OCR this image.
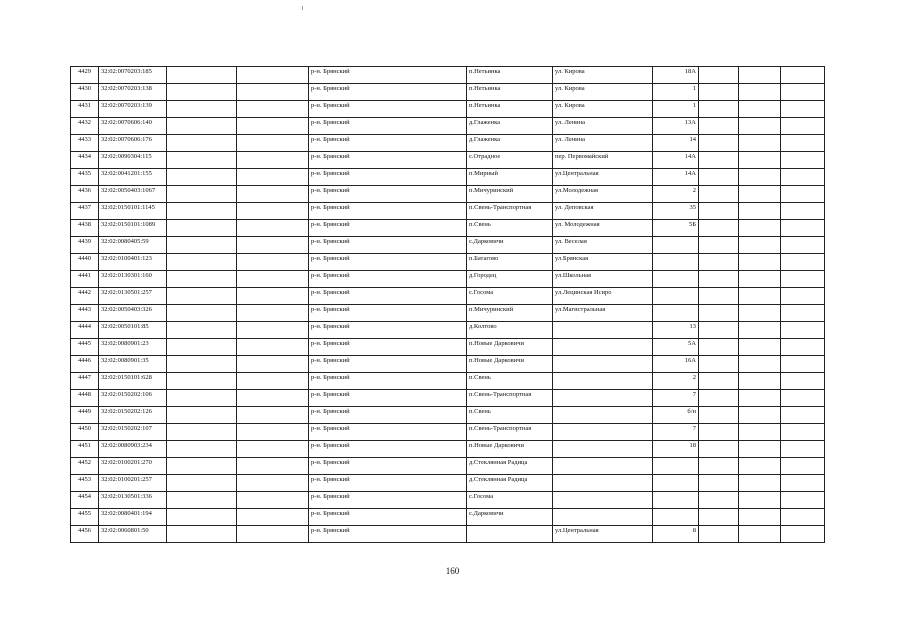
4429	32:02:0070203:185			р-н. Брянский	п.Нетьинка	ул. Кирова	18А			
4430	32:02:0070203:138			р-н. Брянский	п.Нетьинка	ул. Кирова	1			
4431	32:02:0070203:139			р-н. Брянский	п.Нетьинка	ул. Кирова	1			
4432	32:02:0070606:140			р-н. Брянский	д.Глаженка	ул. Ленина	13А			
4433	32:02:0070606:176			р-н. Брянский	д.Глаженка	ул. Ленина	14			
4434	32:02:0090304:115			р-н. Брянский	с.Отрадное	пер. Первомайский	14А			
4435	32:02:0041201:155			р-н. Брянский	п.Мирный	ул.Центральная	14А			
4436	32:02:0050403:1067			р-н. Брянский	п.Мичуринский	ул.Молодежная	2			
4437	32:02:0150101:1145			р-н. Брянский	п.Свень-Транспортная	ул. Деповская	35			
4438	32:02:0150101:1089			р-н. Брянский	п.Свень	ул. Молодежная	5Б			
4439	32:02:0080405:59			р-н. Брянский	с.Дарковичи	ул. Веселая				
4440	32:02:0100401:123			р-н. Брянский	п.Батагово	ул.Брянская				
4441	32:02:0130301:160			р-н. Брянский	д.Городец	ул.Школьная				
4442	32:02:0130501:257			р-н. Брянский	с.Госома	ул.Лецинская Исиро				
4443	32:02:0050403:326			р-н. Брянский	п.Мичуринский	ул.Магистральная				
4444	32:02:0050101:85			р-н. Брянский	д.Колтово		13			
4445	32:02:0080901:23			р-н. Брянский	п.Новые Дарковичи		5А			
4446	32:02:0080901:35			р-н. Брянский	п.Новые Дарковичи		16А			
4447	32:02:0150101:628			р-н. Брянский	п.Свень		2			
4448	32:02:0150202:106			р-н. Брянский	п.Свень-Транспортная		7			
4449	32:02:0150202:126			р-н. Брянский	п.Свень		б/н			
4450	32:02:0150202:107			р-н. Брянский	п.Свень-Транспортная		7			
4451	32:02:0080903:234			р-н. Брянский	п.Новые Дарковичи		18			
4452	32:02:0100201:270			р-н. Брянский	д.Стеклянная Радица					
4453	32:02:0100201:257			р-н. Брянский	д.Стеклянная Радица					
4454	32:02:0130501:336			р-н. Брянский	с.Госома					
4455	32:02:0080401:194			р-н. Брянский	с.Дарковичи					
4456	32:02:0060801:50			р-н. Брянский		ул.Центральная	8			
160
